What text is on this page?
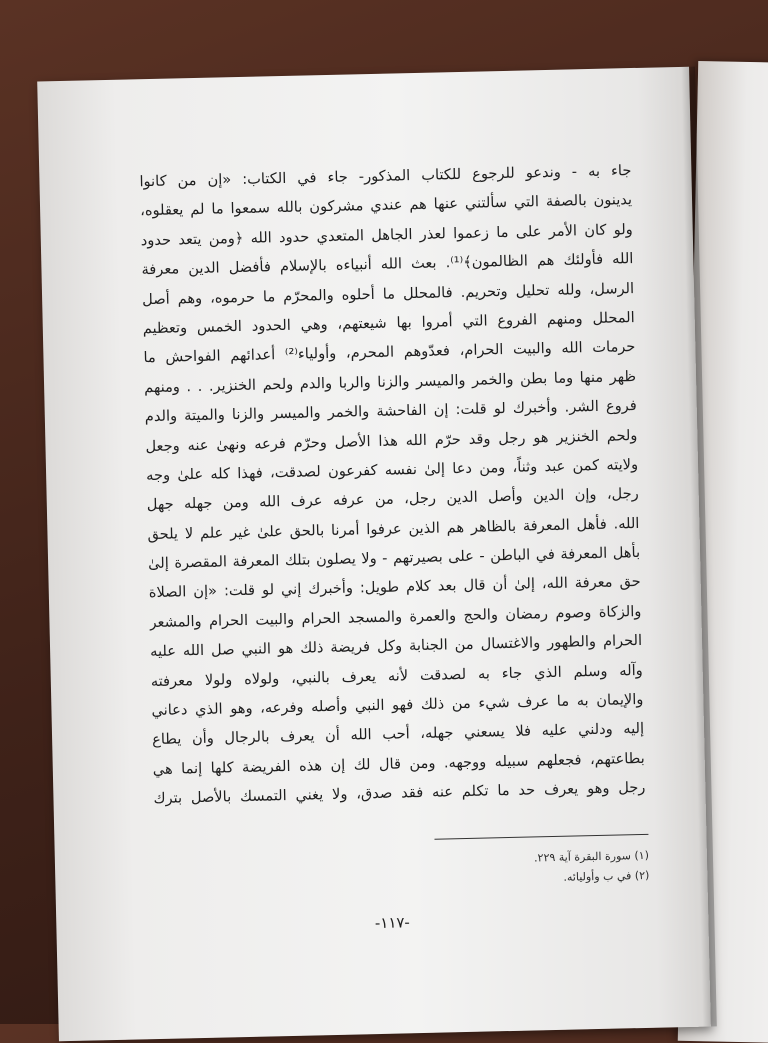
جاء به - وندعو للرجوع للكتاب المذكور- جاء في الكتاب: «إن من كانوا
يدينون بالصفة التي سألتني عنها هم عندي مشركون بالله سمعوا ما لم يعقلوه،
ولو كان الأمر على ما زعموا لعذر الجاهل المتعدي حدود الله ﴿ومن يتعد حدود
الله فأولئك هم الظالمون﴾⁽¹⁾. بعث الله أنبياءه بالإسلام فأفضل الدين معرفة
الرسل، ولله تحليل وتحريم. فالمحلل ما أحلوه والمحرّم ما حرموه، وهم أصل
المحلل ومنهم الفروع التي أمروا بها شيعتهم، وهي الحدود الخمس وتعظيم
حرمات الله والبيت الحرام، فعدّوهم المحرم، وأولياء⁽²⁾ أعدائهم الفواحش ما
ظهر منها وما بطن والخمر والميسر والزنا والربا والدم ولحم الخنزير. . . ومنهم
فروع الشر. وأخبرك لو قلت: إن الفاحشة والخمر والميسر والزنا والميتة والدم
ولحم الخنزير هو رجل وقد حرّم الله هذا الأصل وحرّم فرعه ونهىٰ عنه وجعل
ولايته كمن عبد وثناً، ومن دعا إلىٰ نفسه كفرعون لصدقت، فهذا كله علىٰ وجه
رجل، وإن الدين وأصل الدين رجل، من عرفه عرف الله ومن جهله جهل
الله. فأهل المعرفة بالظاهر هم الذين عرفوا أمرنا بالحق علىٰ غير علم لا يلحق
بأهل المعرفة في الباطن - على بصيرتهم - ولا يصلون بتلك المعرفة المقصرة إلىٰ
حق معرفة الله، إلىٰ أن قال بعد كلام طويل: وأخبرك إني لو قلت: «إن الصلاة
والزكاة وصوم رمضان والحج والعمرة والمسجد الحرام والبيت الحرام والمشعر
الحرام والطهور والاغتسال من الجنابة وكل فريضة ذلك هو النبي صل الله عليه
وآله وسلم الذي جاء به لصدقت لأنه يعرف بالنبي، ولولاه ولولا معرفته
والإيمان به ما عرف شيء من ذلك فهو النبي وأصله وفرعه، وهو الذي دعاني
إليه ودلني عليه فلا يسعني جهله، أحب الله أن يعرف بالرجال وأن يطاع
بطاعتهم، فجعلهم سبيله ووجهه. ومن قال لك إن هذه الفريضة كلها إنما هي
رجل وهو يعرف حد ما تكلم عنه فقد صدق، ولا يغني التمسك بالأصل بترك
(١) سورة البقرة آية ٢٢٩.
(٢) في ب وأوليائه.
-١١٧-
